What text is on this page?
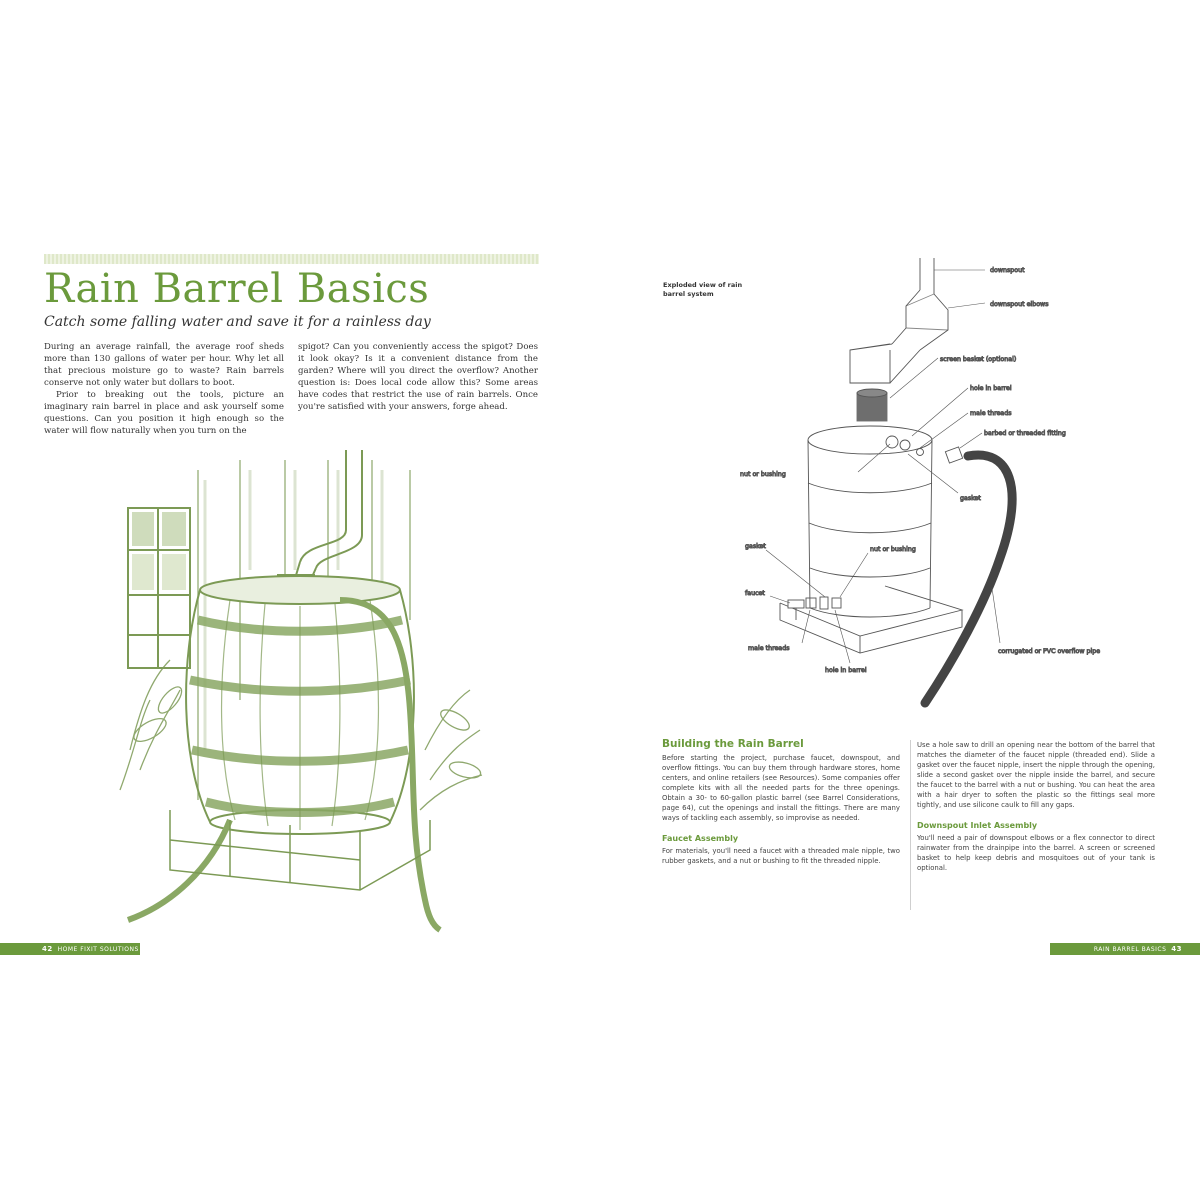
Rain Barrel Basics

Catch some falling water and save it for a rainless day

During an average rainfall, the average roof sheds more than 130 gallons of water per hour. Why let all that precious moisture go to waste? Rain barrels conserve not only water but dollars to boot.

Prior to breaking out the tools, picture an imaginary rain barrel in place and ask yourself some questions. Can you position it high enough so the water will flow naturally when you turn on the

spigot? Can you conveniently access the spigot? Does it look okay? Is it a convenient distance from the garden? Where will you direct the overflow? Another question is: Does local code allow this? Some areas have codes that restrict the use of rain barrels. Once you're satisfied with your answers, forge ahead.

42 HOME FIXIT SOLUTIONS

Exploded view of rain barrel system

downspout
downspout elbows
screen basket (optional)
hole in barrel
male threads
barbed or threaded fitting
nut or bushing
gasket
gasket	nut or bushing
faucet
male threads
hole in barrel
corrugated or PVC overflow pipe
Building the Rain Barrel

Before starting the project, purchase faucet, downspout, and overflow fittings. You can buy them through hardware stores, home centers, and online retailers (see Resources). Some companies offer complete kits with all the needed parts for the three openings. Obtain a 30- to 60-gallon plastic barrel (see Barrel Considerations, page 64), cut the openings and install the fittings. There are many ways of tackling each assembly, so improvise as needed.

Faucet Assembly

For materials, you'll need a faucet with a threaded male nipple, two rubber gaskets, and a nut or bushing to fit the threaded nipple.

Use a hole saw to drill an opening near the bottom of the barrel that matches the diameter of the faucet nipple (threaded end). Slide a gasket over the faucet nipple, insert the nipple through the opening, slide a second gasket over the nipple inside the barrel, and secure the faucet to the barrel with a nut or bushing. You can heat the area with a hair dryer to soften the plastic so the fittings seal more tightly, and use silicone caulk to fill any gaps.

Downspout Inlet Assembly

You'll need a pair of downspout elbows or a flex connector to direct rainwater from the drainpipe into the barrel. A screen or screened basket to help keep debris and mosquitoes out of your tank is optional.

RAIN BARREL BASICS 43
